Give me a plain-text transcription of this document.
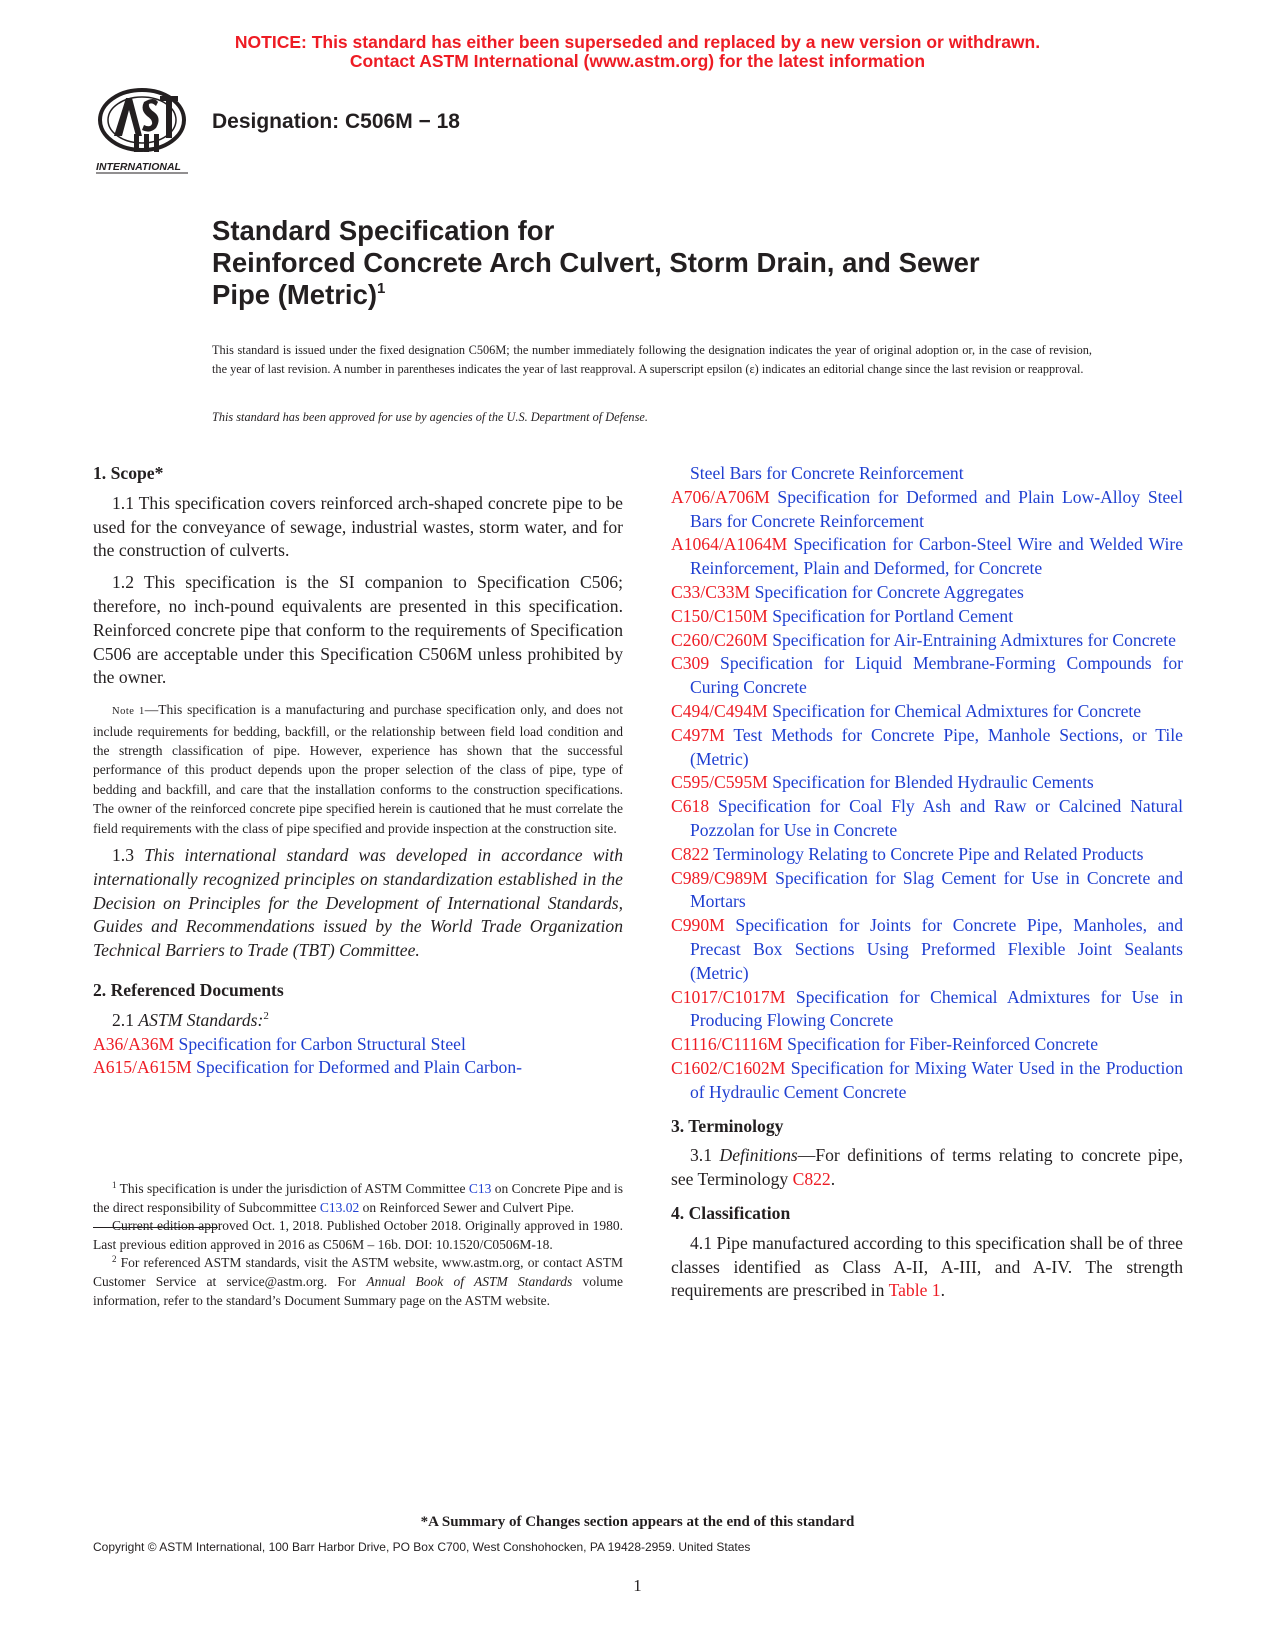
NOTICE: This standard has either been superseded and replaced by a new version or withdrawn.
Contact ASTM International (www.astm.org) for the latest information
INTERNATIONAL
Designation: C506M − 18
Standard Specification for
Reinforced Concrete Arch Culvert, Storm Drain, and Sewer
Pipe (Metric)$^1$
This standard is issued under the fixed designation C506M; the number immediately following the designation indicates the year of original adoption or, in the case of revision, the year of last revision. A number in parentheses indicates the year of last reapproval. A superscript epsilon (ε) indicates an editorial change since the last revision or reapproval.
This standard has been approved for use by agencies of the U.S. Department of Defense.
1. Scope*

1.1 This specification covers reinforced arch-shaped concrete pipe to be used for the conveyance of sewage, industrial wastes, storm water, and for the construction of culverts.

1.2 This specification is the SI companion to Specification C506; therefore, no inch-pound equivalents are presented in this specification. Reinforced concrete pipe that conform to the requirements of Specification C506 are acceptable under this Specification C506M unless prohibited by the owner.

Note 1—This specification is a manufacturing and purchase specification only, and does not include requirements for bedding, backfill, or the relationship between field load condition and the strength classification of pipe. However, experience has shown that the successful performance of this product depends upon the proper selection of the class of pipe, type of bedding and backfill, and care that the installation conforms to the construction specifications. The owner of the reinforced concrete pipe specified herein is cautioned that he must correlate the field requirements with the class of pipe specified and provide inspection at the construction site.

1.3 This international standard was developed in accordance with internationally recognized principles on standardization established in the Decision on Principles for the Development of International Standards, Guides and Recommendations issued by the World Trade Organization Technical Barriers to Trade (TBT) Committee.

2. Referenced Documents

2.1 ASTM Standards:$^2$

A36/A36M Specification for Carbon Structural Steel

A615/A615M Specification for Deformed and Plain Carbon-

$^1$ This specification is under the jurisdiction of ASTM Committee C13 on Concrete Pipe and is the direct responsibility of Subcommittee C13.02 on Reinforced Sewer and Culvert Pipe.

Current edition approved Oct. 1, 2018. Published October 2018. Originally approved in 1980. Last previous edition approved in 2016 as C506M – 16b. DOI: 10.1520/C0506M-18.

$^2$ For referenced ASTM standards, visit the ASTM website, www.astm.org, or contact ASTM Customer Service at service@astm.org. For Annual Book of ASTM Standards volume information, refer to the standard’s Document Summary page on the ASTM website.

Steel Bars for Concrete Reinforcement

A706/A706M Specification for Deformed and Plain Low-Alloy Steel Bars for Concrete Reinforcement

A1064/A1064M Specification for Carbon-Steel Wire and Welded Wire Reinforcement, Plain and Deformed, for Concrete

C33/C33M Specification for Concrete Aggregates

C150/C150M Specification for Portland Cement

C260/C260M Specification for Air-Entraining Admixtures for Concrete

C309 Specification for Liquid Membrane-Forming Compounds for Curing Concrete

C494/C494M Specification for Chemical Admixtures for Concrete

C497M Test Methods for Concrete Pipe, Manhole Sections, or Tile (Metric)

C595/C595M Specification for Blended Hydraulic Cements

C618 Specification for Coal Fly Ash and Raw or Calcined Natural Pozzolan for Use in Concrete

C822 Terminology Relating to Concrete Pipe and Related Products

C989/C989M Specification for Slag Cement for Use in Concrete and Mortars

C990M Specification for Joints for Concrete Pipe, Manholes, and Precast Box Sections Using Preformed Flexible Joint Sealants (Metric)

C1017/C1017M Specification for Chemical Admixtures for Use in Producing Flowing Concrete

C1116/C1116M Specification for Fiber-Reinforced Concrete

C1602/C1602M Specification for Mixing Water Used in the Production of Hydraulic Cement Concrete

3. Terminology

3.1 Definitions—For definitions of terms relating to concrete pipe, see Terminology C822.

4. Classification

4.1 Pipe manufactured according to this specification shall be of three classes identified as Class A-II, A-III, and A-IV. The strength requirements are prescribed in Table 1.

*A Summary of Changes section appears at the end of this standard
Copyright © ASTM International, 100 Barr Harbor Drive, PO Box C700, West Conshohocken, PA 19428-2959. United States
1
